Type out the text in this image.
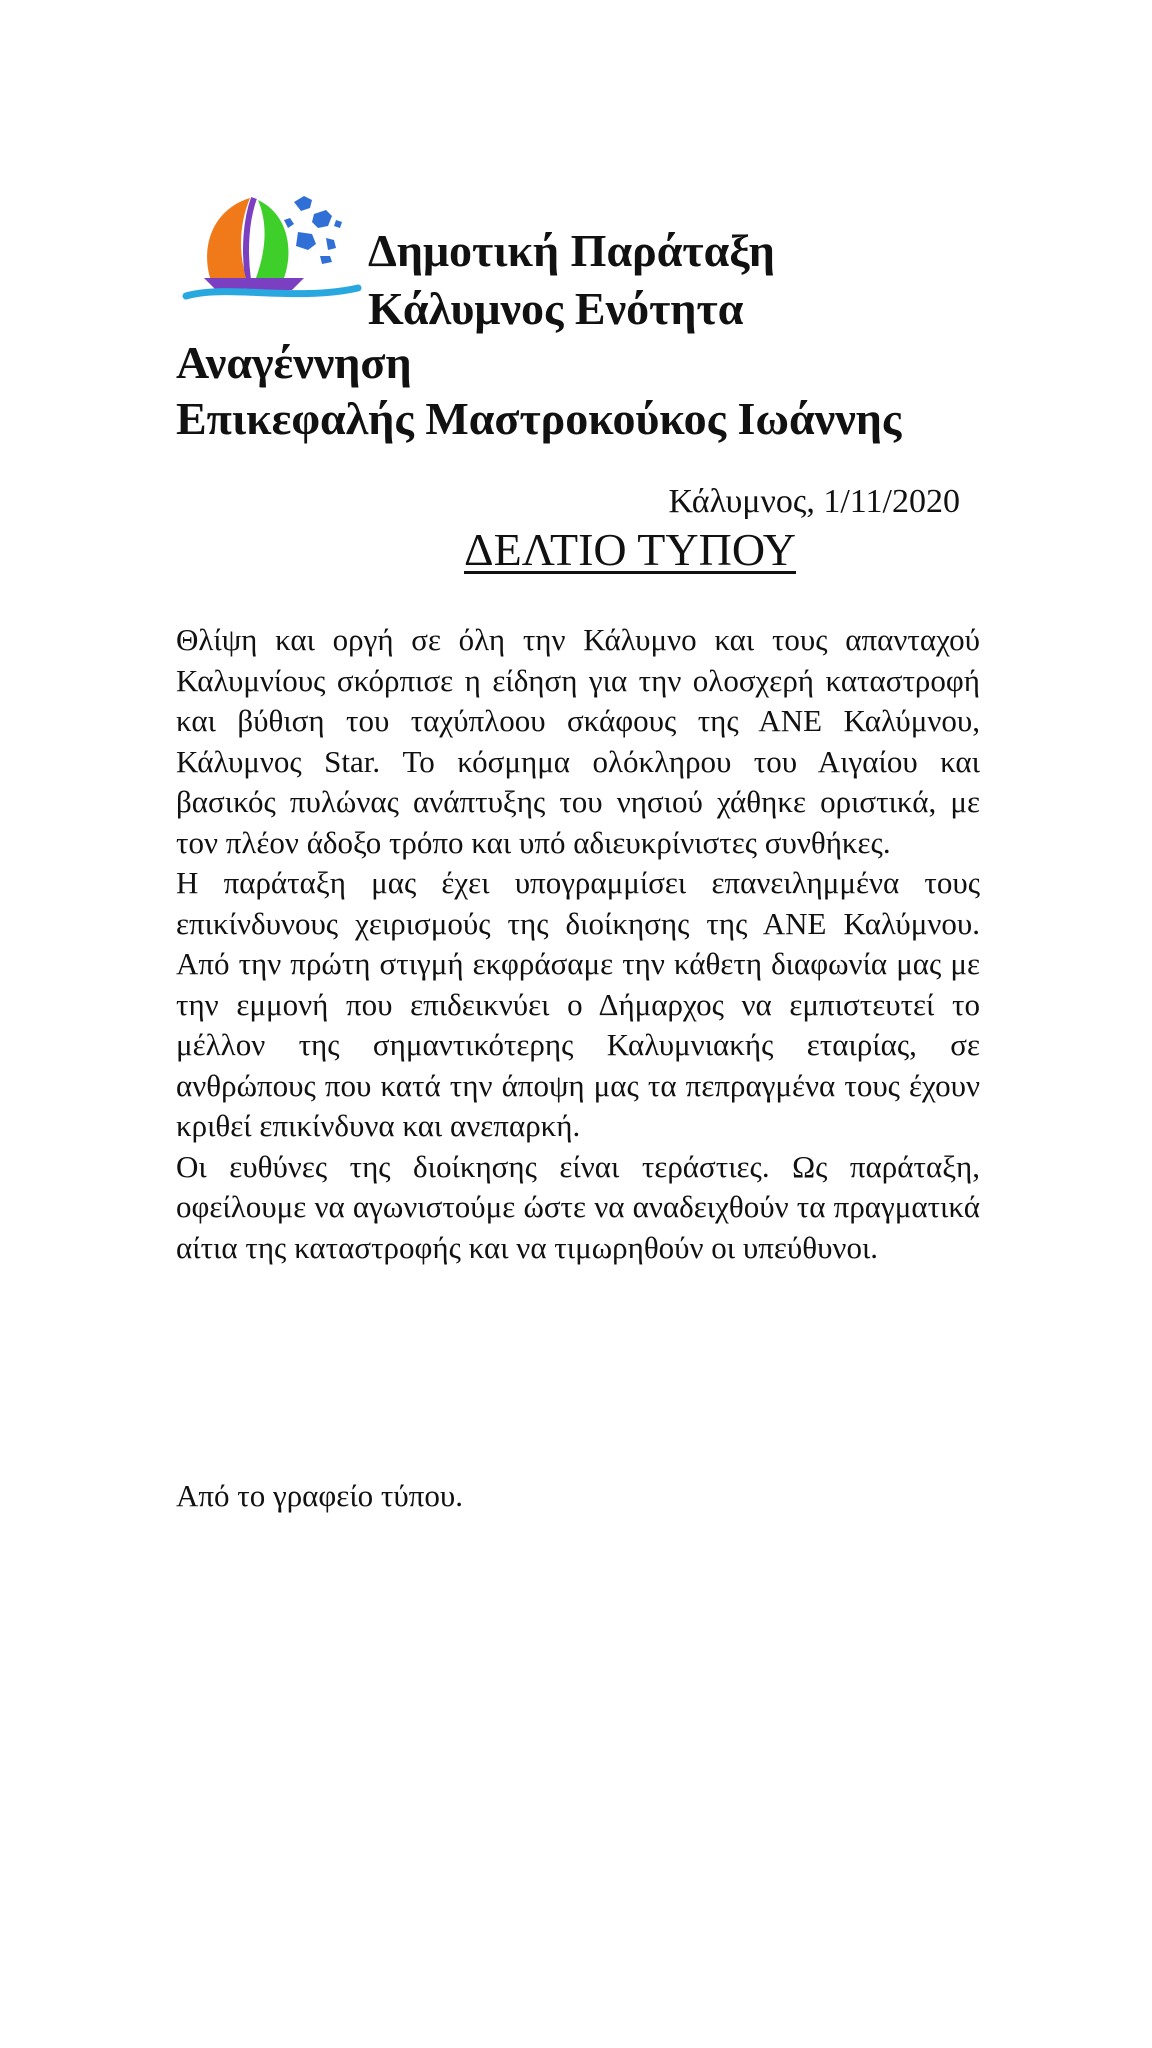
Δημοτική Παράταξη
Κάλυμνος Ενότητα
Αναγέννηση
Επικεφαλής Μαστροκούκος Ιωάννης
Κάλυμνος, 1/11/2020
ΔΕΛΤΙΟ ΤΥΠΟΥ

Θλίψη και οργή σε όλη την Κάλυμνο και τους απανταχού Καλυμνίους σκόρπισε η είδηση για την ολοσχερή καταστροφή και βύθιση του ταχύπλοου σκάφους της ΑΝΕ Καλύμνου, Κάλυμνος Star. Το κόσμημα ολόκληρου του Αιγαίου και βασικός πυλώνας ανάπτυξης του νησιού χάθηκε οριστικά, με τον πλέον άδοξο τρόπο και υπό αδιευκρίνιστες συνθήκες.

Η παράταξη μας έχει υπογραμμίσει επανειλημμένα τους επικίνδυνους χειρισμούς της διοίκησης της ΑΝΕ Καλύμνου. Από την πρώτη στιγμή εκφράσαμε την κάθετη διαφωνία μας με την εμμονή που επιδεικνύει ο Δήμαρχος να εμπιστευτεί το μέλλον της σημαντικότερης Καλυμνιακής εταιρίας, σε ανθρώπους που κατά την άποψη μας τα πεπραγμένα τους έχουν κριθεί επικίνδυνα και ανεπαρκή.

Οι ευθύνες της διοίκησης είναι τεράστιες. Ως παράταξη, οφείλουμε να αγωνιστούμε ώστε να αναδειχθούν τα πραγματικά αίτια της καταστροφής και να τιμωρηθούν οι υπεύθυνοι.

Από το γραφείο τύπου.
